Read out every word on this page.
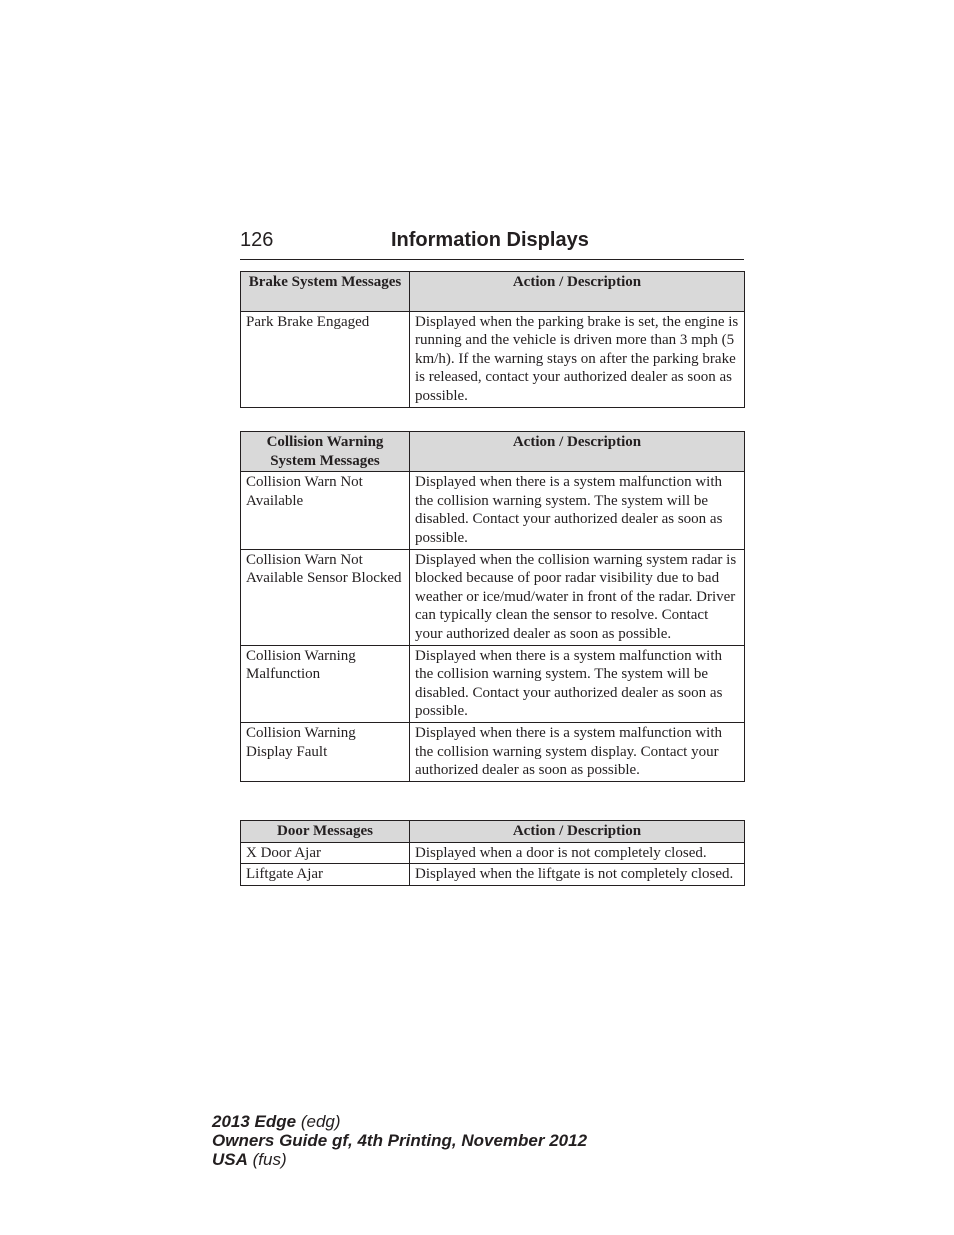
126	Information Displays
Brake System Messages	Action / Description
Park Brake Engaged	Displayed when the parking brake is set, the engine is running and the vehicle is driven more than 3 mph (5 km/h). If the warning stays on after the parking brake is released, contact your authorized dealer as soon as possible.
Collision Warning System Messages	Action / Description
Collision Warn Not Available	Displayed when there is a system malfunction with the collision warning system. The system will be disabled. Contact your authorized dealer as soon as possible.
Collision Warn Not Available Sensor Blocked	Displayed when the collision warning system radar is blocked because of poor radar visibility due to bad weather or ice/mud/water in front of the radar. Driver can typically clean the sensor to resolve. Contact your authorized dealer as soon as possible.
Collision Warning Malfunction	Displayed when there is a system malfunction with the collision warning system. The system will be disabled. Contact your authorized dealer as soon as possible.
Collision Warning Display Fault	Displayed when there is a system malfunction with the collision warning system display. Contact your authorized dealer as soon as possible.
Door Messages	Action / Description
X Door Ajar	Displayed when a door is not completely closed.
Liftgate Ajar	Displayed when the liftgate is not completely closed.
2013 Edge (edg)
Owners Guide gf, 4th Printing, November 2012
USA (fus)
